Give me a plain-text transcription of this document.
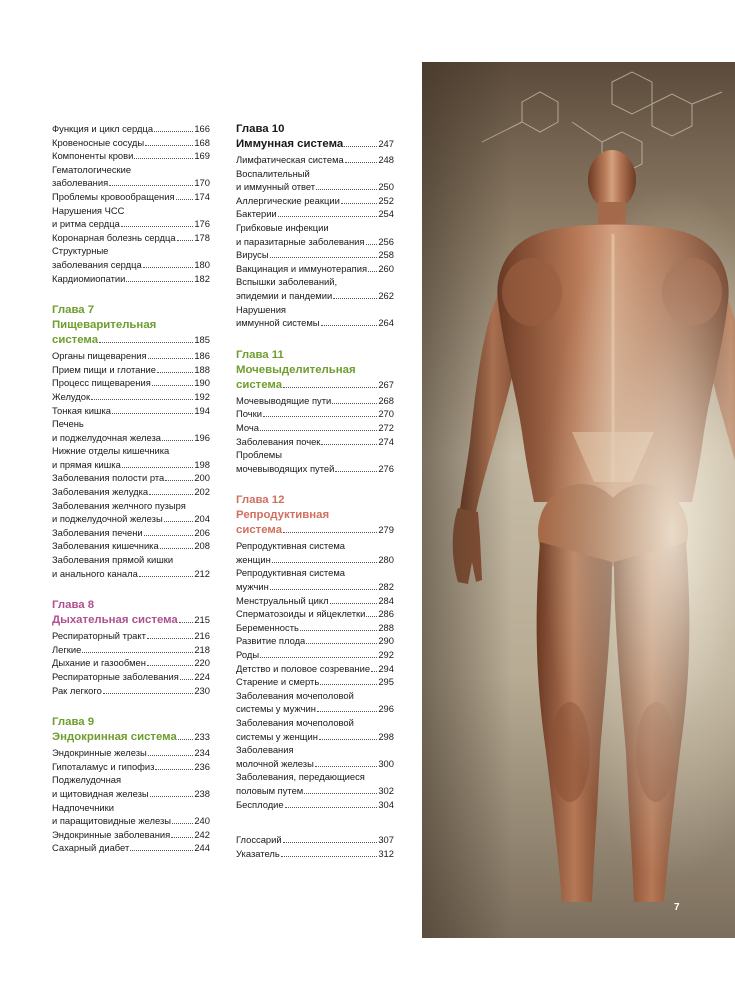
Функция и цикл сердца	166
Кровеносные сосуды	168
Компоненты крови	169
Гематологические
заболевания	170
Проблемы кровообращения 174
Нарушения ЧСС
и ритма сердца	176
Коронарная болезнь сердца 178
Структурные
заболевания сердца	180
Кардиомиопатии	182
Глава 7
Пищеварительная
система	185
Органы пищеварения	186
Прием пищи и глотание	188
Процесс пищеварения	190
Желудок	192
Тонкая кишка	194
Печень
и поджелудочная железа	196
Нижние отделы кишечника
и прямая кишка	198
Заболевания полости рта	200
Заболевания желудка	202
Заболевания желчного пузыря
и поджелудочной железы	204
Заболевания печени	206
Заболевания кишечника	208
Заболевания прямой кишки
и анального канала	212
Глава 8
Дыхательная система 215
Респираторный тракт	216
Легкие	218
Дыхание и газообмен	220
Респираторные заболевания 224
Рак легкого	230
Глава 9
Эндокринная система 233
Эндокринные железы	234
Гипоталамус и гипофиз	236
Поджелудочная
и щитовидная железы	238
Надпочечники
и паращитовидные железы 240
Эндокринные заболевания	242
Сахарный диабет	244
Глава 10
Иммунная система	247
Лимфатическая система	248
Воспалительный
и иммунный ответ	250
Аллергические реакции	252
Бактерии	254
Грибковые инфекции
и паразитарные заболевания 256
Вирусы	258
Вакцинация и иммунотерапия 260
Вспышки заболеваний,
эпидемии и пандемии	262
Нарушения
иммунной системы	264
Глава 11
Мочевыделительная
система	267
Мочевыводящие пути	268
Почки	270
Моча	272
Заболевания почек	274
Проблемы
мочевыводящих путей	276
Глава 12
Репродуктивная
система	279
Репродуктивная система
женщин	280
Репродуктивная система
мужчин	282
Менструальный цикл	284
Сперматозоиды и яйцеклетки 286
Беременность	288
Развитие плода	290
Роды	292
Детство и половое созревание 294
Старение и смерть	295
Заболевания мочеполовой
системы у мужчин	296
Заболевания мочеполовой
системы у женщин	298
Заболевания
молочной железы	300
Заболевания, передающиеся
половым путем	302
Бесплодие	304
Глоссарий	307
Указатель	312
7
